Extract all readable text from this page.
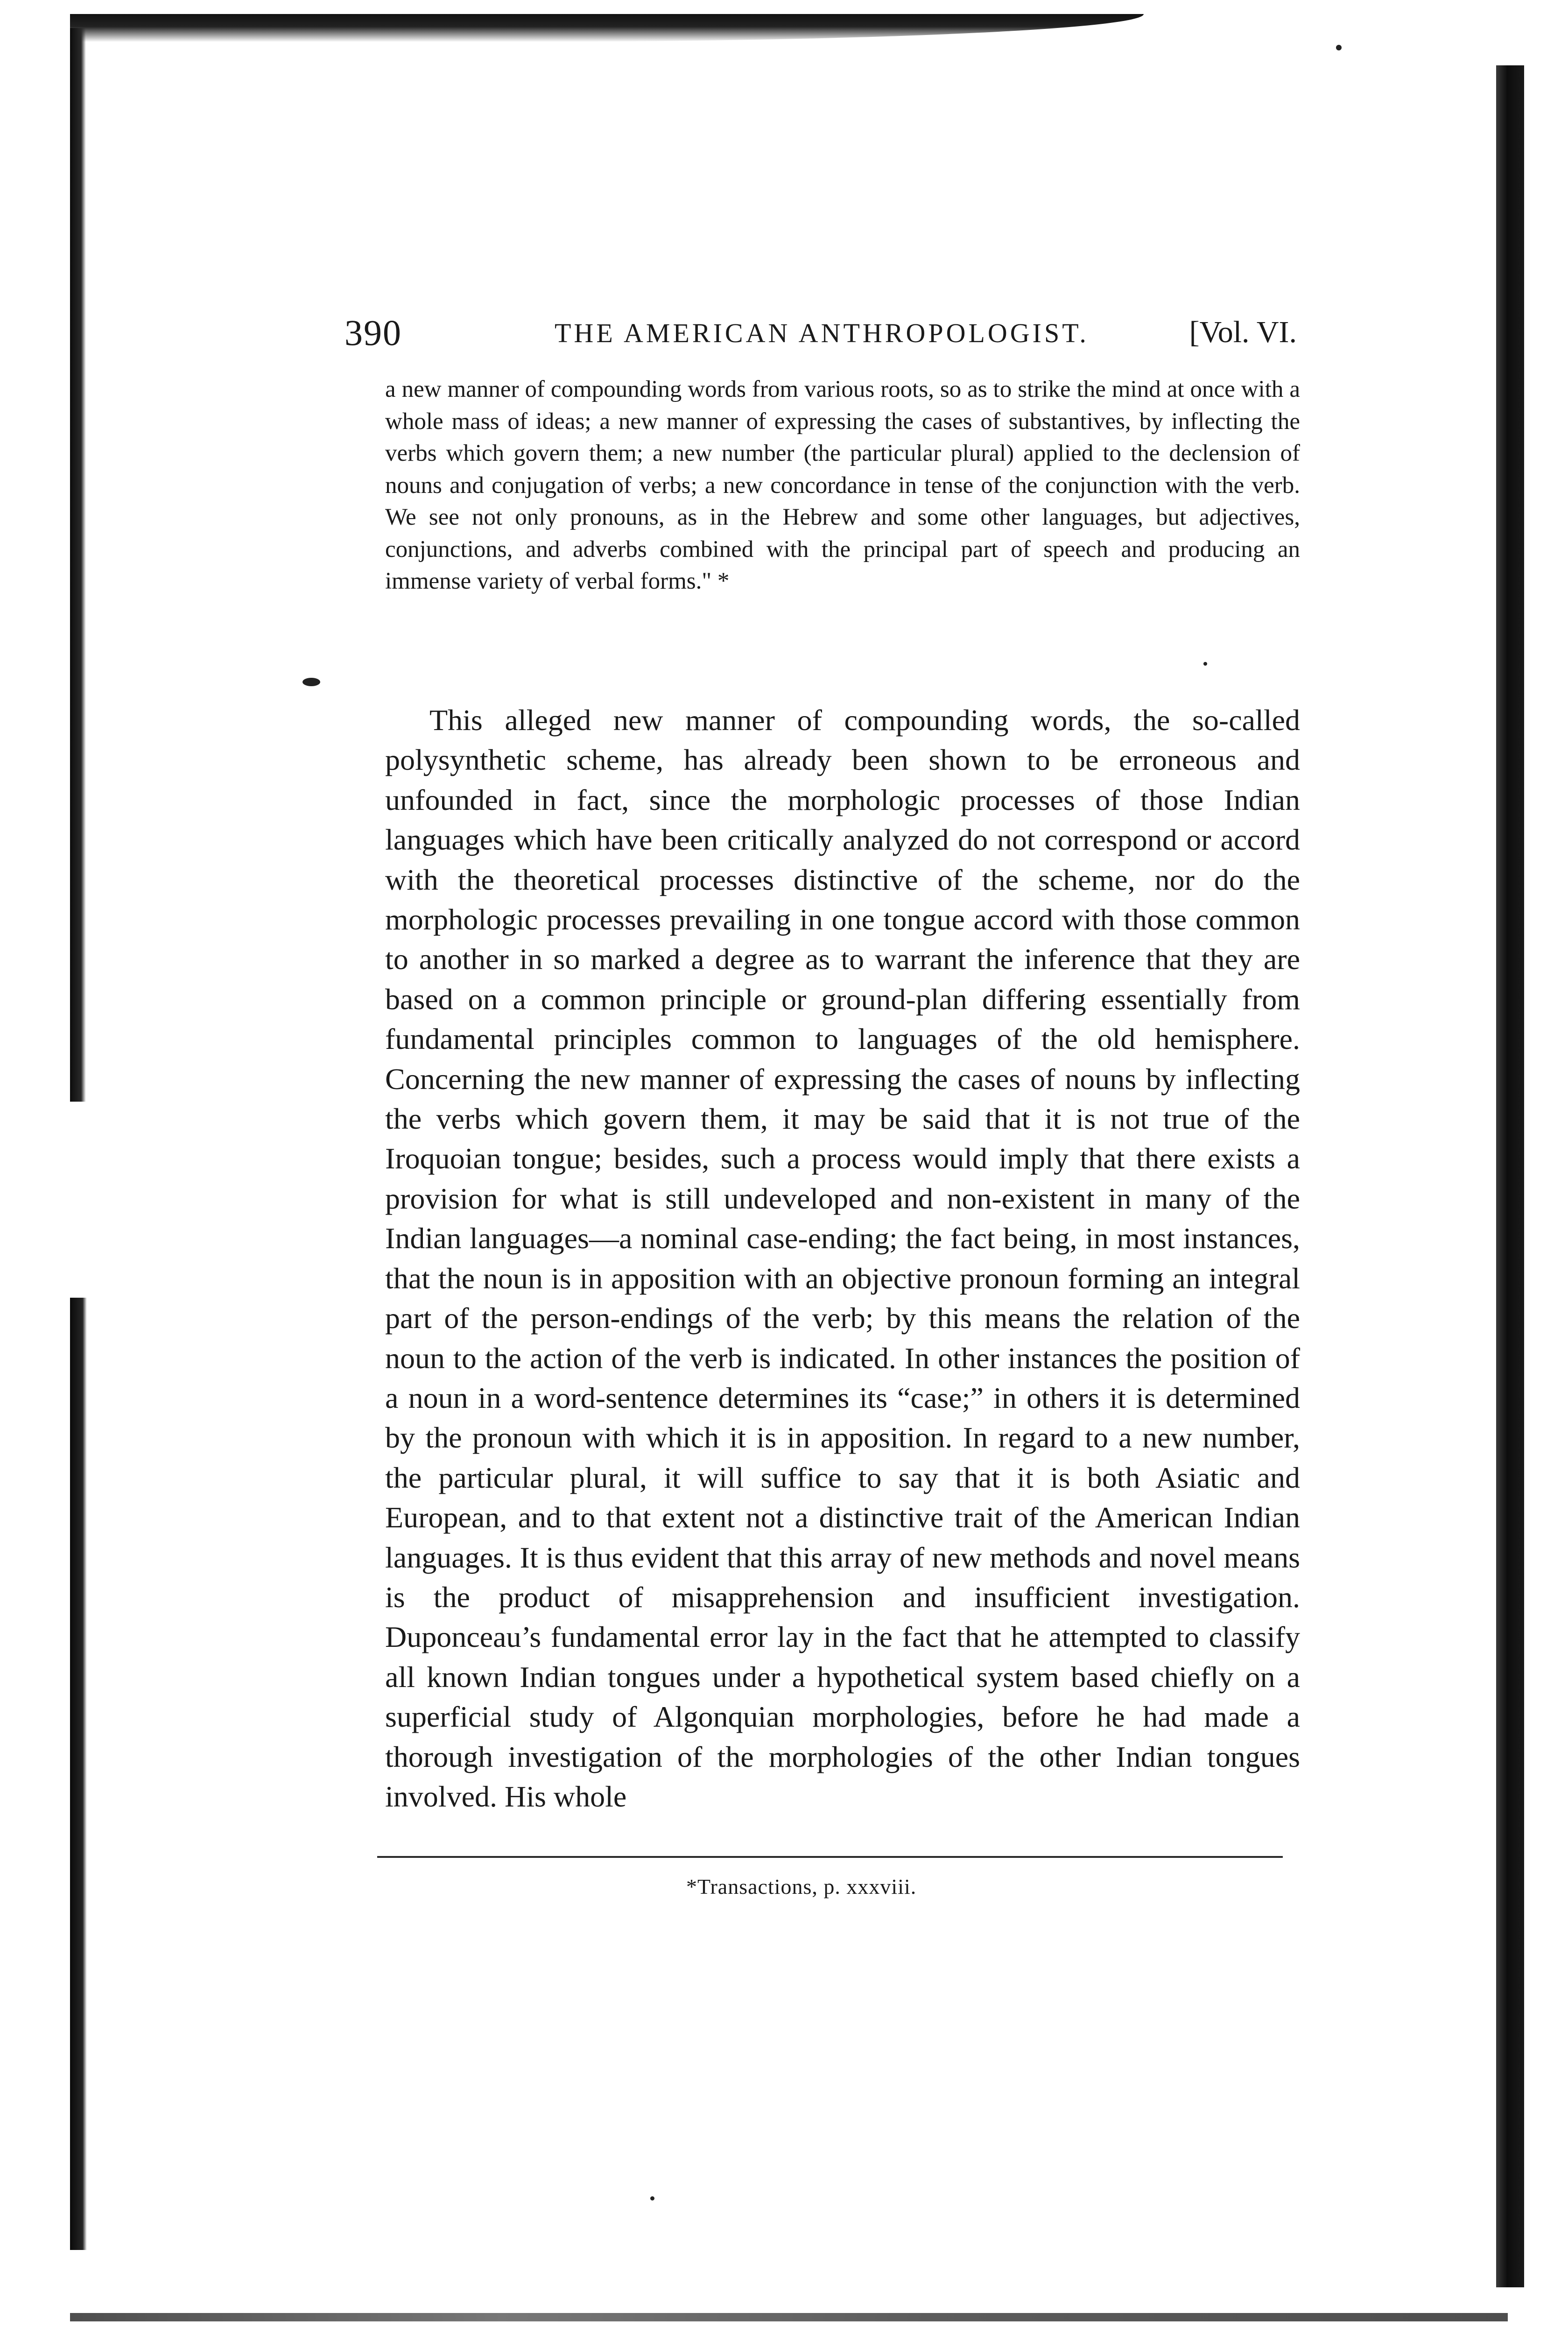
390	THE AMERICAN ANTHROPOLOGIST.	[Vol. VI.
a new manner of compounding words from various roots, so as to strike the mind at once with a whole mass of ideas; a new manner of expressing the cases of substantives, by inflecting the verbs which govern them; a new number (the particular plural) applied to the declension of nouns and conjugation of verbs; a new concordance in tense of the conjunction with the verb. We see not only pronouns, as in the Hebrew and some other languages, but adjectives, conjunctions, and adverbs combined with the principal part of speech and producing an immense variety of verbal forms." *
This alleged new manner of compounding words, the so-called polysynthetic scheme, has already been shown to be erroneous and unfounded in fact, since the morphologic processes of those Indian languages which have been critically analyzed do not correspond or accord with the theoretical processes distinctive of the scheme, nor do the morphologic processes prevailing in one tongue accord with those common to another in so marked a degree as to warrant the inference that they are based on a common principle or ground-plan differing essentially from fundamental principles common to languages of the old hemisphere. Concerning the new manner of expressing the cases of nouns by inflecting the verbs which govern them, it may be said that it is not true of the Iroquoian tongue; besides, such a process would imply that there exists a provision for what is still undeveloped and non-existent in many of the Indian languages—a nominal case-ending; the fact being, in most instances, that the noun is in apposition with an objective pronoun forming an integral part of the person-endings of the verb; by this means the relation of the noun to the action of the verb is indicated. In other instances the position of a noun in a word-sentence determines its “case;” in others it is determined by the pronoun with which it is in apposition. In regard to a new number, the particular plural, it will suffice to say that it is both Asiatic and European, and to that extent not a distinctive trait of the American Indian languages. It is thus evident that this array of new methods and novel means is the product of misapprehension and insufficient investigation. Duponceau’s fundamental error lay in the fact that he attempted to classify all known Indian tongues under a hypothetical system based chiefly on a superficial study of Algonquian morphologies, before he had made a thorough investigation of the morphologies of the other Indian tongues involved. His whole
*Transactions, p. xxxviii.
